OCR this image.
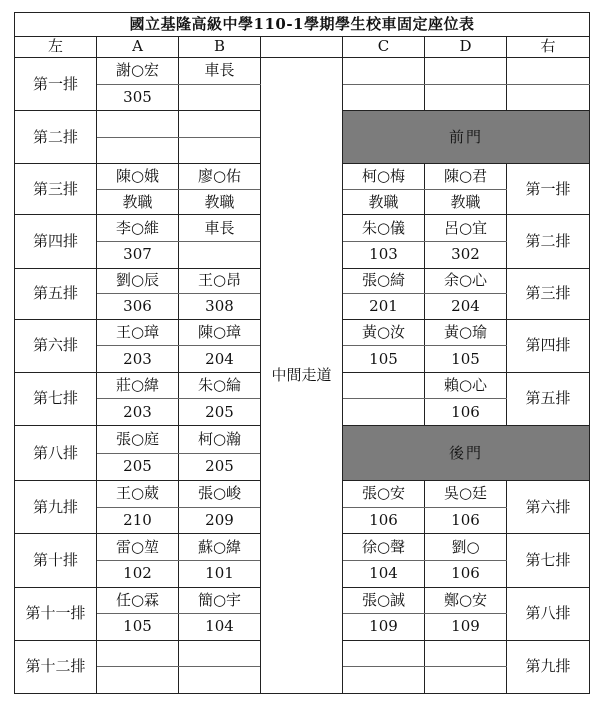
國立基隆高級中學110-1學期學生校車固定座位表						
左	A	B		C	D	右
第一排	謝○宏	車長	中間走道			
	305					
第二排				前門		

第三排	陳○娥	廖○佑		柯○梅	陳○君	第一排
	教職	教職		教職	教職	
第四排	李○維	車長		朱○儀	呂○宜	第二排
	307			103	302	
第五排	劉○辰	王○昂		張○綺	余○心	第三排
	306	308		201	204	
第六排	王○璋	陳○璋		黃○汝	黃○瑜	第四排
	203	204		105	105	
第七排	莊○緯	朱○綸			賴○心	第五排
	203	205			106	
第八排	張○庭	柯○瀚		後門		
	205	205				
第九排	王○葳	張○峻		張○安	吳○廷	第六排
	210	209		106	106	
第十排	雷○堃	蘇○緯		徐○聲	劉○	第七排
	102	101		104	106	
第十一排	任○霖	簡○宇		張○誠	鄭○安	第八排
	105	104		109	109	
第十二排						第九排
